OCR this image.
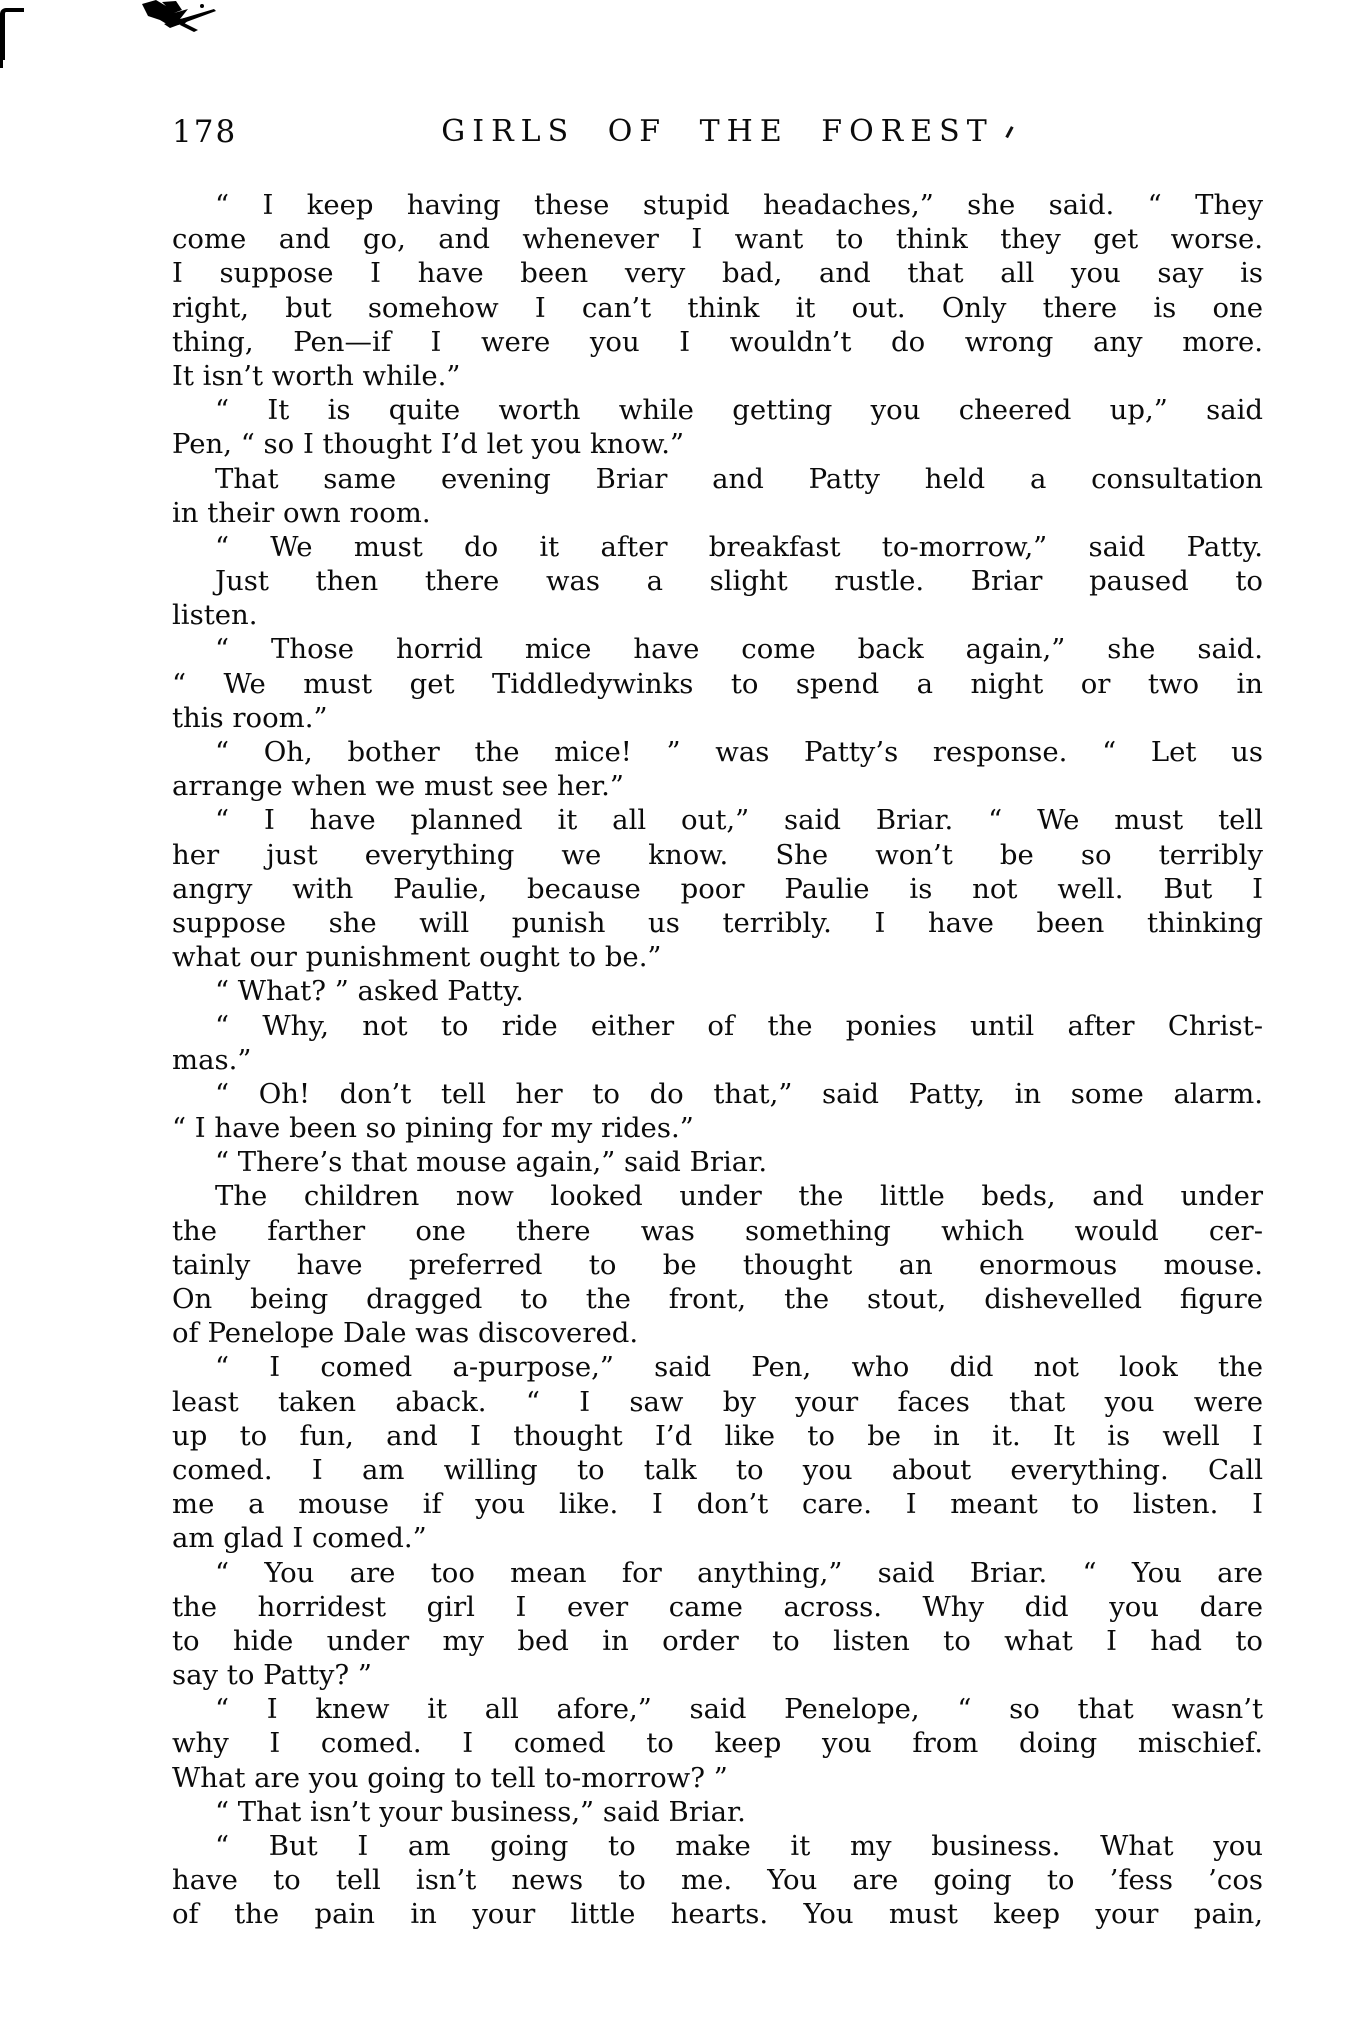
178	GIRLS OF THE FOREST
“ I keep having these stupid headaches,” she said. “ They
come and go, and whenever I want to think they get worse.
I suppose I have been very bad, and that all you say is
right, but somehow I can’t think it out. Only there is one
thing, Pen—if I were you I wouldn’t do wrong any more.
It isn’t worth while.”
“ It is quite worth while getting you cheered up,” said
Pen, “ so I thought I’d let you know.”
That same evening Briar and Patty held a consultation
in their own room.
“ We must do it after breakfast to-morrow,” said Patty.
Just then there was a slight rustle. Briar paused to
listen.
“ Those horrid mice have come back again,” she said.
“ We must get Tiddledywinks to spend a night or two in
this room.”
“ Oh, bother the mice! ” was Patty’s response. “ Let us
arrange when we must see her.”
“ I have planned it all out,” said Briar. “ We must tell
her just everything we know. She won’t be so terribly
angry with Paulie, because poor Paulie is not well. But I
suppose she will punish us terribly. I have been thinking
what our punishment ought to be.”
“ What? ” asked Patty.
“ Why, not to ride either of the ponies until after Christ-
mas.”
“ Oh! don’t tell her to do that,” said Patty, in some alarm.
“ I have been so pining for my rides.”
“ There’s that mouse again,” said Briar.
The children now looked under the little beds, and under
the farther one there was something which would cer-
tainly have preferred to be thought an enormous mouse.
On being dragged to the front, the stout, dishevelled figure
of Penelope Dale was discovered.
“ I comed a-purpose,” said Pen, who did not look the
least taken aback. “ I saw by your faces that you were
up to fun, and I thought I’d like to be in it. It is well I
comed. I am willing to talk to you about everything. Call
me a mouse if you like. I don’t care. I meant to listen. I
am glad I comed.”
“ You are too mean for anything,” said Briar. “ You are
the horridest girl I ever came across. Why did you dare
to hide under my bed in order to listen to what I had to
say to Patty? ”
“ I knew it all afore,” said Penelope, “ so that wasn’t
why I comed. I comed to keep you from doing mischief.
What are you going to tell to-morrow? ”
“ That isn’t your business,” said Briar.
“ But I am going to make it my business. What you
have to tell isn’t news to me. You are going to ’fess ’cos
of the pain in your little hearts. You must keep your pain,
